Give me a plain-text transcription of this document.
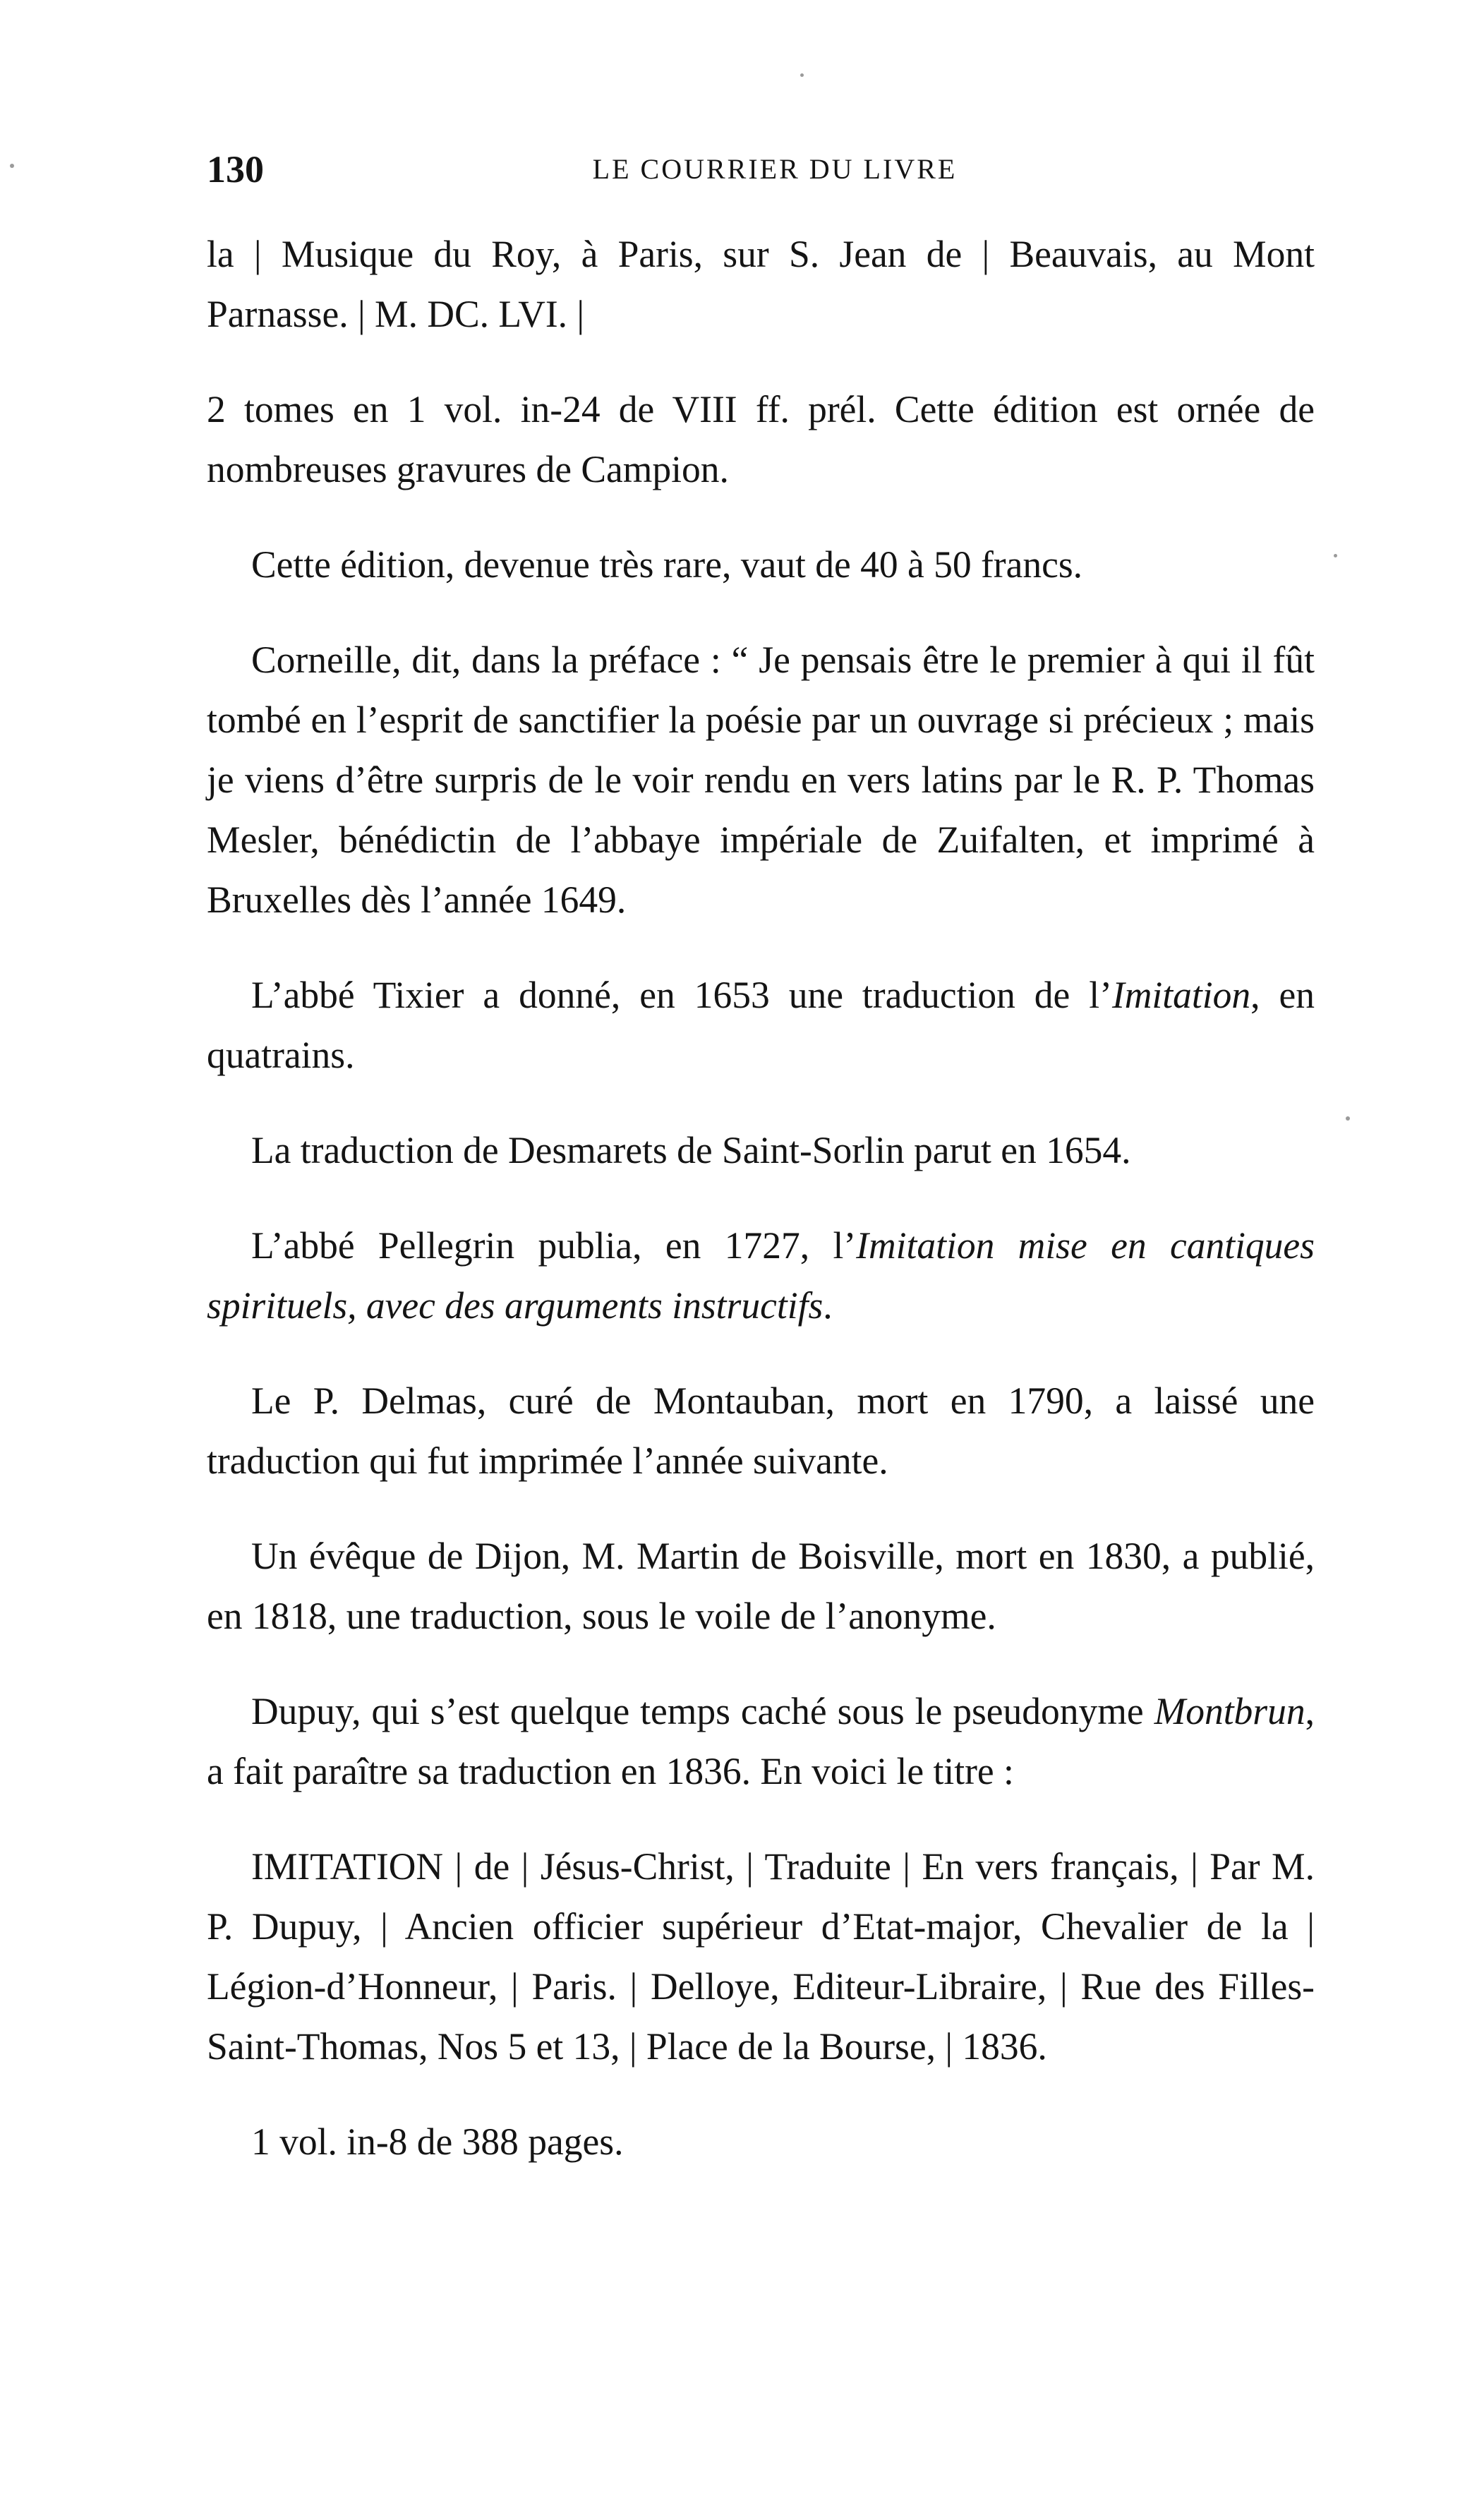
130	LE COURRIER DU LIVRE

la | Musique du Roy, à Paris, sur S. Jean de | Beauvais, au Mont Parnasse. | M. DC. LVI. |

2 tomes en 1 vol. in-24 de VIII ff. prél. Cette édition est ornée de nombreuses gravures de Campion.

Cette édition, devenue très rare, vaut de 40 à 50 francs.

Corneille, dit, dans la préface : “ Je pensais être le premier à qui il fût tombé en l’esprit de sanctifier la poésie par un ouvrage si précieux ; mais je viens d’être surpris de le voir rendu en vers latins par le R. P. Thomas Mesler, bénédictin de l’abbaye impériale de Zuifalten, et imprimé à Bruxelles dès l’année 1649.

L’abbé Tixier a donné, en 1653 une traduction de l’Imitation, en quatrains.

La traduction de Desmarets de Saint-Sorlin parut en 1654.

L’abbé Pellegrin publia, en 1727, l’Imitation mise en cantiques spirituels, avec des arguments instructifs.

Le P. Delmas, curé de Montauban, mort en 1790, a laissé une traduction qui fut imprimée l’année suivante.

Un évêque de Dijon, M. Martin de Boisville, mort en 1830, a publié, en 1818, une traduction, sous le voile de l’anonyme.

Dupuy, qui s’est quelque temps caché sous le pseudonyme Montbrun, a fait paraître sa traduction en 1836. En voici le titre :

IMITATION | de | Jésus-Christ, | Traduite | En vers français, | Par M. P. Dupuy, | Ancien officier supérieur d’Etat-major, Chevalier de la | Légion-d’Honneur, | Paris. | Delloye, Editeur-Libraire, | Rue des Filles-Saint-Thomas, Nos 5 et 13, | Place de la Bourse, | 1836.

1 vol. in-8 de 388 pages.
